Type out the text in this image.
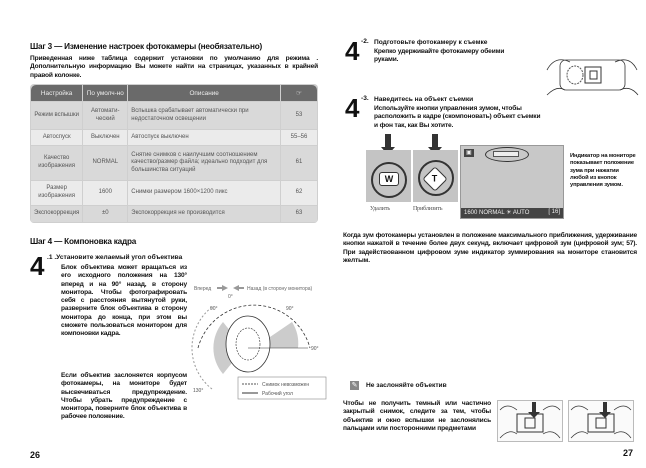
Шаг 3 — Изменение настроек фотокамеры (необязательно)
Приведенная ниже таблица содержит установки по умолчанию для режима . Дополнительную информацию Вы можете найти на страницах, указанных в крайней правой колонке.
Настройка	По умолч-но	Описание	☞
Режим вспышки	Автомати-ческий	Вспышка срабатывает автоматически при недостаточном освещении	53
Автоспуск	Выключен	Автоспуск выключен	55–56
Качество изображения	NORMAL	Снятие снимков с наилучшим соотношением качество/размер файла; идеально подходит для большинства ситуаций	61
Размер изображения	1600	Снимки размером 1600×1200 пикс	62
Экспокоррекция	±0	Экспокоррекция не производится	63
Шаг 4 — Компоновка кадра
4 .1 .Установите желаемый угол объектива
Блок объектива может вращаться из его исходного положения на 130° вперед и на 90° назад, в сторону монитора. Чтобы фотографировать себя с расстояния вытянутой руки, разверните блок объектива в сторону монитора до конца, при этом вы сможете пользоваться монитором для компоновки кадра.
Если объектив заслоняется корпусом фотокамеры, на мониторе будет высвечиваться предупреждение. Чтобы убрать предупреждение с монитора, поверните блок объектива в рабочее положение.
Вперед	Назад (в сторону монитора)
0°
90°	90°
130°
90°
Снимок невозможен
Рабочий угол
26
4 -2. Подготовьте фотокамеру к съемке
Крепко удерживайте фотокамеру обеими руками.
4 -3. Наведитесь на объект съемки
Используйте кнопки управления зумом, чтобы расположить в кадре (скомпоновать) объект съемки и фон так, как Вы хотите.
W
Удалить
T
Приблизить
▣
1600 NORMAL ☀ AUTO	[ 16]
Индикатор на мониторе показывает положение зума при нажатии любой из кнопок управления зумом.
Когда зум фотокамеры установлен в положение максимального приближения, удерживание кнопки нажатой в течение более двух секунд, включает цифровой зум (цифровой зум; 57). При задействованном цифровом зуме индикатор зуммирования на мониторе становится желтым.
✎ Не заслоняйте объектив
Чтобы не получить темный или частично закрытый снимок, следите за тем, чтобы объектив и окно вспышки не заслонялись пальцами или посторонними предметами
27
